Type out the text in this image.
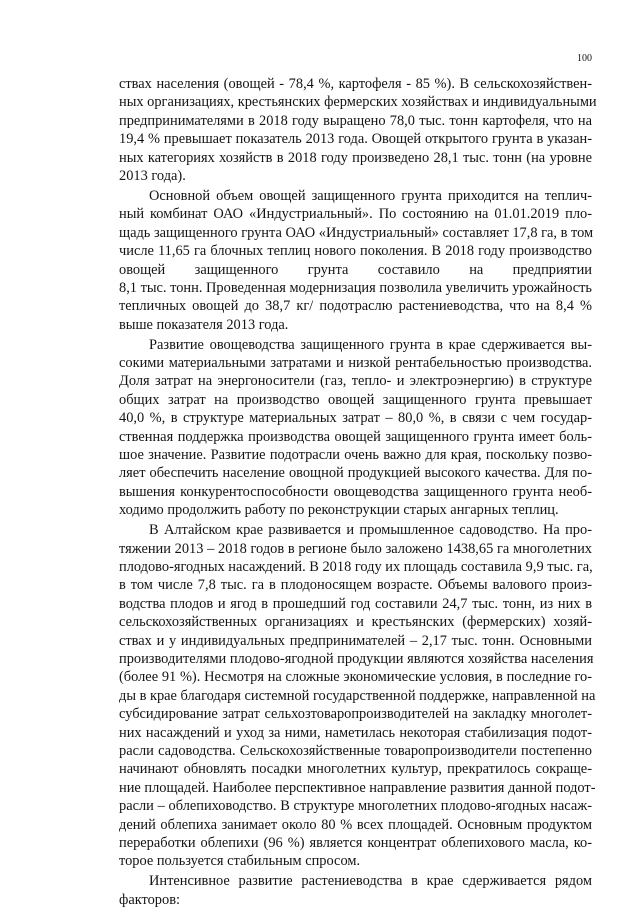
100
ствах населения (овощей - 78,4 %, картофеля - 85 %). В сельскохозяйствен-
ных организациях, крестьянских фермерских хозяйствах и индивидуальными
предпринимателями в 2018 году выращено 78,0 тыс. тонн картофеля, что на
19,4 % превышает показатель 2013 года. Овощей открытого грунта в указан-
ных категориях хозяйств в 2018 году произведено 28,1 тыс. тонн (на уровне
2013 года).
Основной объем овощей защищенного грунта приходится на теплич-
ный комбинат ОАО «Индустриальный». По состоянию на 01.01.2019 пло-
щадь защищенного грунта ОАО «Индустриальный» составляет 17,8 га, в том
числе 11,65 га блочных теплиц нового поколения. В 2018 году производство
овощей защищенного грунта составило на предприятии
8,1 тыс. тонн. Проведенная модернизация позволила увеличить урожайность
тепличных овощей до 38,7 кг/ подотраслю растениеводства, что на 8,4 %
выше показателя 2013 года.
Развитие овощеводства защищенного грунта в крае сдерживается вы-
сокими материальными затратами и низкой рентабельностью производства.
Доля затрат на энергоносители (газ, тепло- и электроэнергию) в структуре
общих затрат на производство овощей защищенного грунта превышает
40,0 %, в структуре материальных затрат – 80,0 %, в связи с чем государ-
ственная поддержка производства овощей защищенного грунта имеет боль-
шое значение. Развитие подотрасли очень важно для края, поскольку позво-
ляет обеспечить население овощной продукцией высокого качества. Для по-
вышения конкурентоспособности овощеводства защищенного грунта необ-
ходимо продолжить работу по реконструкции старых ангарных теплиц.
В Алтайском крае развивается и промышленное садоводство. На про-
тяжении 2013 – 2018 годов в регионе было заложено 1438,65 га многолетних
плодово-ягодных насаждений. В 2018 году их площадь составила 9,9 тыс. га,
в том числе 7,8 тыс. га в плодоносящем возрасте. Объемы валового произ-
водства плодов и ягод в прошедший год составили 24,7 тыс. тонн, из них в
сельскохозяйственных организациях и крестьянских (фермерских) хозяй-
ствах и у индивидуальных предпринимателей – 2,17 тыс. тонн. Основными
производителями плодово-ягодной продукции являются хозяйства населения
(более 91 %). Несмотря на сложные экономические условия, в последние го-
ды в крае благодаря системной государственной поддержке, направленной на
субсидирование затрат сельхозтоваропроизводителей на закладку многолет-
них насаждений и уход за ними, наметилась некоторая стабилизация подот-
расли садоводства. Сельскохозяйственные товаропроизводители постепенно
начинают обновлять посадки многолетних культур, прекратилось сокраще-
ние площадей. Наиболее перспективное направление развития данной подот-
расли – облепиховодство. В структуре многолетних плодово-ягодных насаж-
дений облепиха занимает около 80 % всех площадей. Основным продуктом
переработки облепихи (96 %) является концентрат облепихового масла, ко-
торое пользуется стабильным спросом.
Интенсивное развитие растениеводства в крае сдерживается рядом
факторов:
